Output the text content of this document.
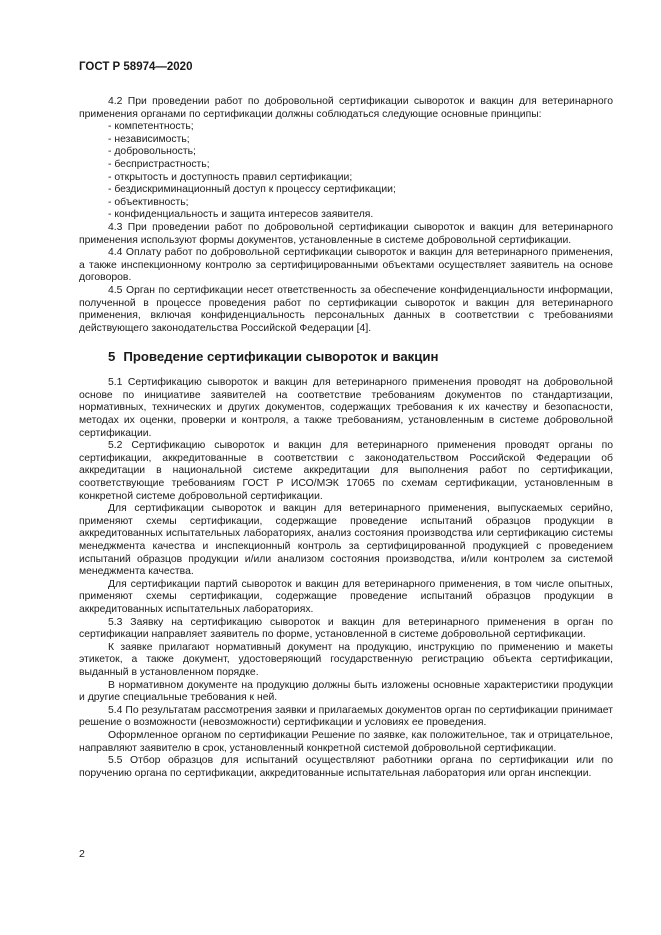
ГОСТ Р 58974—2020

4.2 При проведении работ по добровольной сертификации сывороток и вакцин для ветеринарного применения органами по сертификации должны соблюдаться следующие основные принципы:

- компетентность;

- независимость;

- добровольность;

- беспристрастность;

- открытость и доступность правил сертификации;

- бездискриминационный доступ к процессу сертификации;

- объективность;

- конфиденциальность и защита интересов заявителя.

4.3 При проведении работ по добровольной сертификации сывороток и вакцин для ветеринарного применения используют формы документов, установленные в системе добровольной сертификации.

4.4 Оплату работ по добровольной сертификации сывороток и вакцин для ветеринарного применения, а также инспекционному контролю за сертифицированными объектами осуществляет заявитель на основе договоров.

4.5 Орган по сертификации несет ответственность за обеспечение конфиденциальности информации, полученной в процессе проведения работ по сертификации сывороток и вакцин для ветеринарного применения, включая конфиденциальность персональных данных в соответствии с требованиями действующего законодательства Российской Федерации [4].

5 Проведение сертификации сывороток и вакцин

5.1 Сертификацию сывороток и вакцин для ветеринарного применения проводят на добровольной основе по инициативе заявителей на соответствие требованиям документов по стандартизации, нормативных, технических и других документов, содержащих требования к их качеству и безопасности, методах их оценки, проверки и контроля, а также требованиям, установленным в системе добровольной сертификации.

5.2 Сертификацию сывороток и вакцин для ветеринарного применения проводят органы по сертификации, аккредитованные в соответствии с законодательством Российской Федерации об аккредитации в национальной системе аккредитации для выполнения работ по сертификации, соответствующие требованиям ГОСТ Р ИСО/МЭК 17065 по схемам сертификации, установленным в конкретной системе добровольной сертификации.

Для сертификации сывороток и вакцин для ветеринарного применения, выпускаемых серийно, применяют схемы сертификации, содержащие проведение испытаний образцов продукции в аккредитованных испытательных лабораториях, анализ состояния производства или сертификацию системы менеджмента качества и инспекционный контроль за сертифицированной продукцией с проведением испытаний образцов продукции и/или анализом состояния производства, и/или контролем за системой менеджмента качества.

Для сертификации партий сывороток и вакцин для ветеринарного применения, в том числе опытных, применяют схемы сертификации, содержащие проведение испытаний образцов продукции в аккредитованных испытательных лабораториях.

5.3 Заявку на сертификацию сывороток и вакцин для ветеринарного применения в орган по сертификации направляет заявитель по форме, установленной в системе добровольной сертификации.

К заявке прилагают нормативный документ на продукцию, инструкцию по применению и макеты этикеток, а также документ, удостоверяющий государственную регистрацию объекта сертификации, выданный в установленном порядке.

В нормативном документе на продукцию должны быть изложены основные характеристики продукции и другие специальные требования к ней.

5.4 По результатам рассмотрения заявки и прилагаемых документов орган по сертификации принимает решение о возможности (невозможности) сертификации и условиях ее проведения.

Оформленное органом по сертификации Решение по заявке, как положительное, так и отрицательное, направляют заявителю в срок, установленный конкретной системой добровольной сертификации.

5.5 Отбор образцов для испытаний осуществляют работники органа по сертификации или по поручению органа по сертификации, аккредитованные испытательная лаборатория или орган инспекции.

2
